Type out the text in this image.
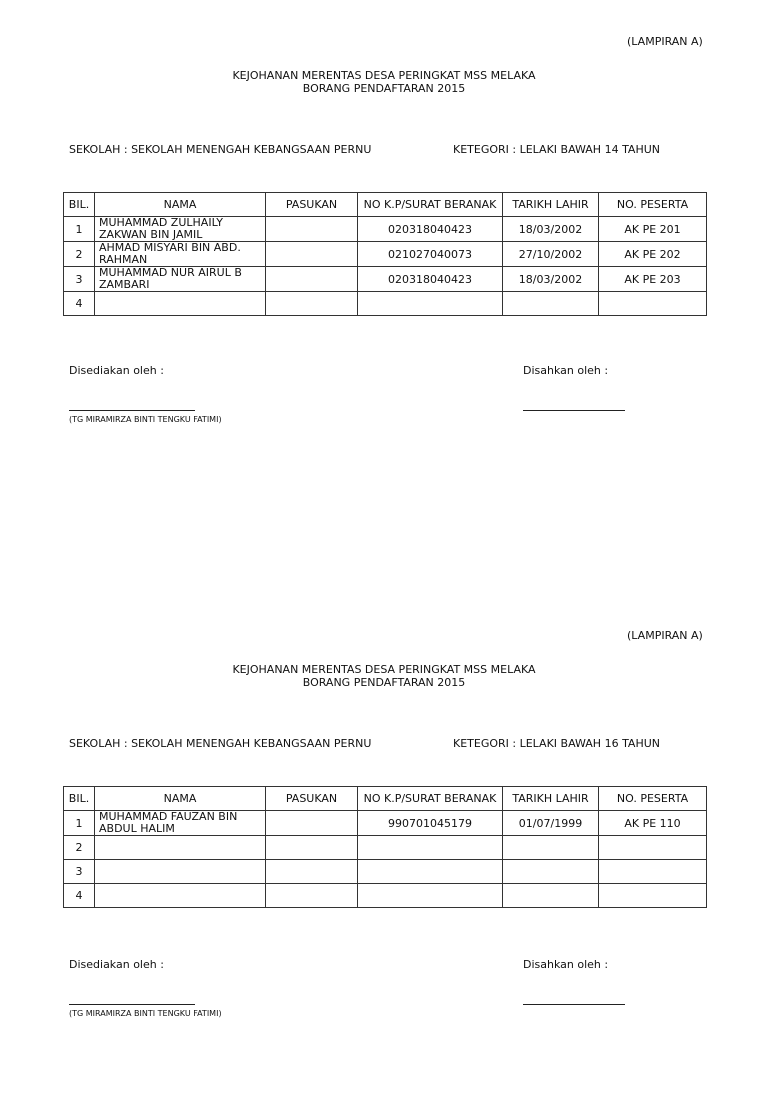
(LAMPIRAN A)
KEJOHANAN MERENTAS DESA PERINGKAT MSS MELAKA
BORANG PENDAFTARAN 2015
SEKOLAH : SEKOLAH MENENGAH KEBANGSAAN PERNU	KETEGORI : LELAKI BAWAH 14 TAHUN
BIL.	NAMA	PASUKAN	NO K.P/SURAT BERANAK	TARIKH LAHIR	NO. PESERTA
1	MUHAMMAD ZULHAILY ZAKWAN BIN JAMIL		020318040423	18/03/2002	AK PE 201
2	AHMAD MISYARI BIN ABD. RAHMAN		021027040073	27/10/2002	AK PE 202
3	MUHAMMAD NUR AIRUL B ZAMBARI		020318040423	18/03/2002	AK PE 203
4					
Disediakan oleh :	Disahkan oleh :
(TG MIRAMIRZA BINTI TENGKU FATIMI)
(LAMPIRAN A)
KEJOHANAN MERENTAS DESA PERINGKAT MSS MELAKA
BORANG PENDAFTARAN 2015
SEKOLAH : SEKOLAH MENENGAH KEBANGSAAN PERNU	KETEGORI : LELAKI BAWAH 16 TAHUN
BIL.	NAMA	PASUKAN	NO K.P/SURAT BERANAK	TARIKH LAHIR	NO. PESERTA
1	MUHAMMAD FAUZAN BIN ABDUL HALIM		990701045179	01/07/1999	AK PE 110
2					
3					
4					
Disediakan oleh :	Disahkan oleh :
(TG MIRAMIRZA BINTI TENGKU FATIMI)
